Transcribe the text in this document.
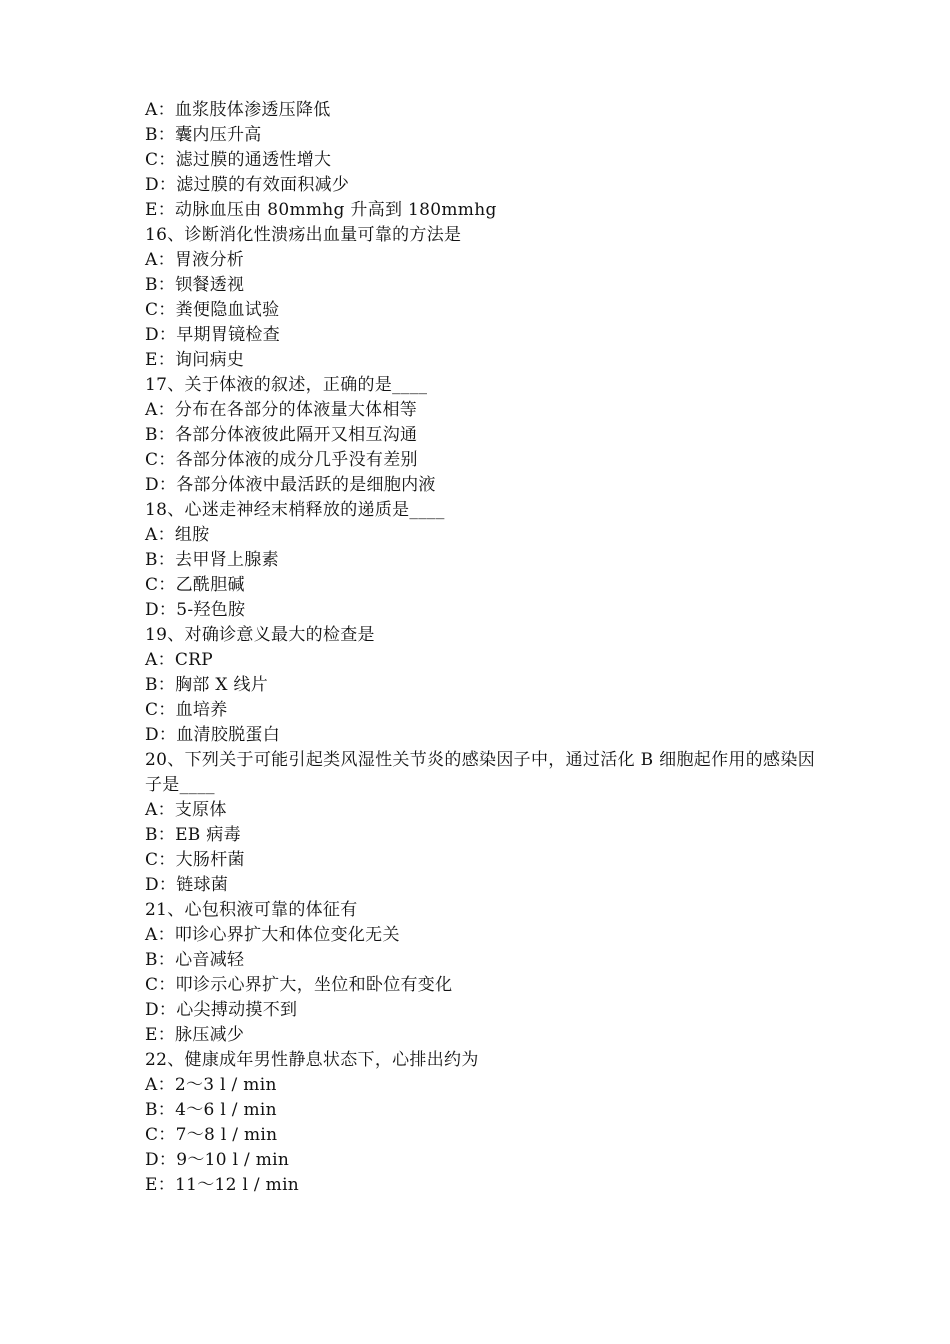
A：血浆肢体渗透压降低
B：囊内压升高
C：滤过膜的通透性增大
D：滤过膜的有效面积减少
E：动脉血压由 80mmhg 升高到 180mmhg
16、诊断消化性溃疡出血量可靠的方法是
A：胃液分析
B：钡餐透视
C：粪便隐血试验
D：早期胃镜检查
E：询问病史
17、关于体液的叙述，正确的是____
A：分布在各部分的体液量大体相等
B：各部分体液彼此隔开又相互沟通
C：各部分体液的成分几乎没有差别
D：各部分体液中最活跃的是细胞内液
18、心迷走神经末梢释放的递质是____
A：组胺
B：去甲肾上腺素
C：乙酰胆碱
D：5-羟色胺
19、对确诊意义最大的检查是
A：CRP
B：胸部 X 线片
C：血培养
D：血清胶脱蛋白
20、下列关于可能引起类风湿性关节炎的感染因子中，通过活化 B 细胞起作用的感染因子是____
A：支原体
B：EB 病毒
C：大肠杆菌
D：链球菌
21、心包积液可靠的体征有
A：叩诊心界扩大和体位变化无关
B：心音减轻
C：叩诊示心界扩大，坐位和卧位有变化
D：心尖搏动摸不到
E：脉压减少
22、健康成年男性静息状态下，心排出约为
A：2～3 l / min
B：4～6 l / min
C：7～8 l / min
D：9～10 l / min
E：11～12 l / min
